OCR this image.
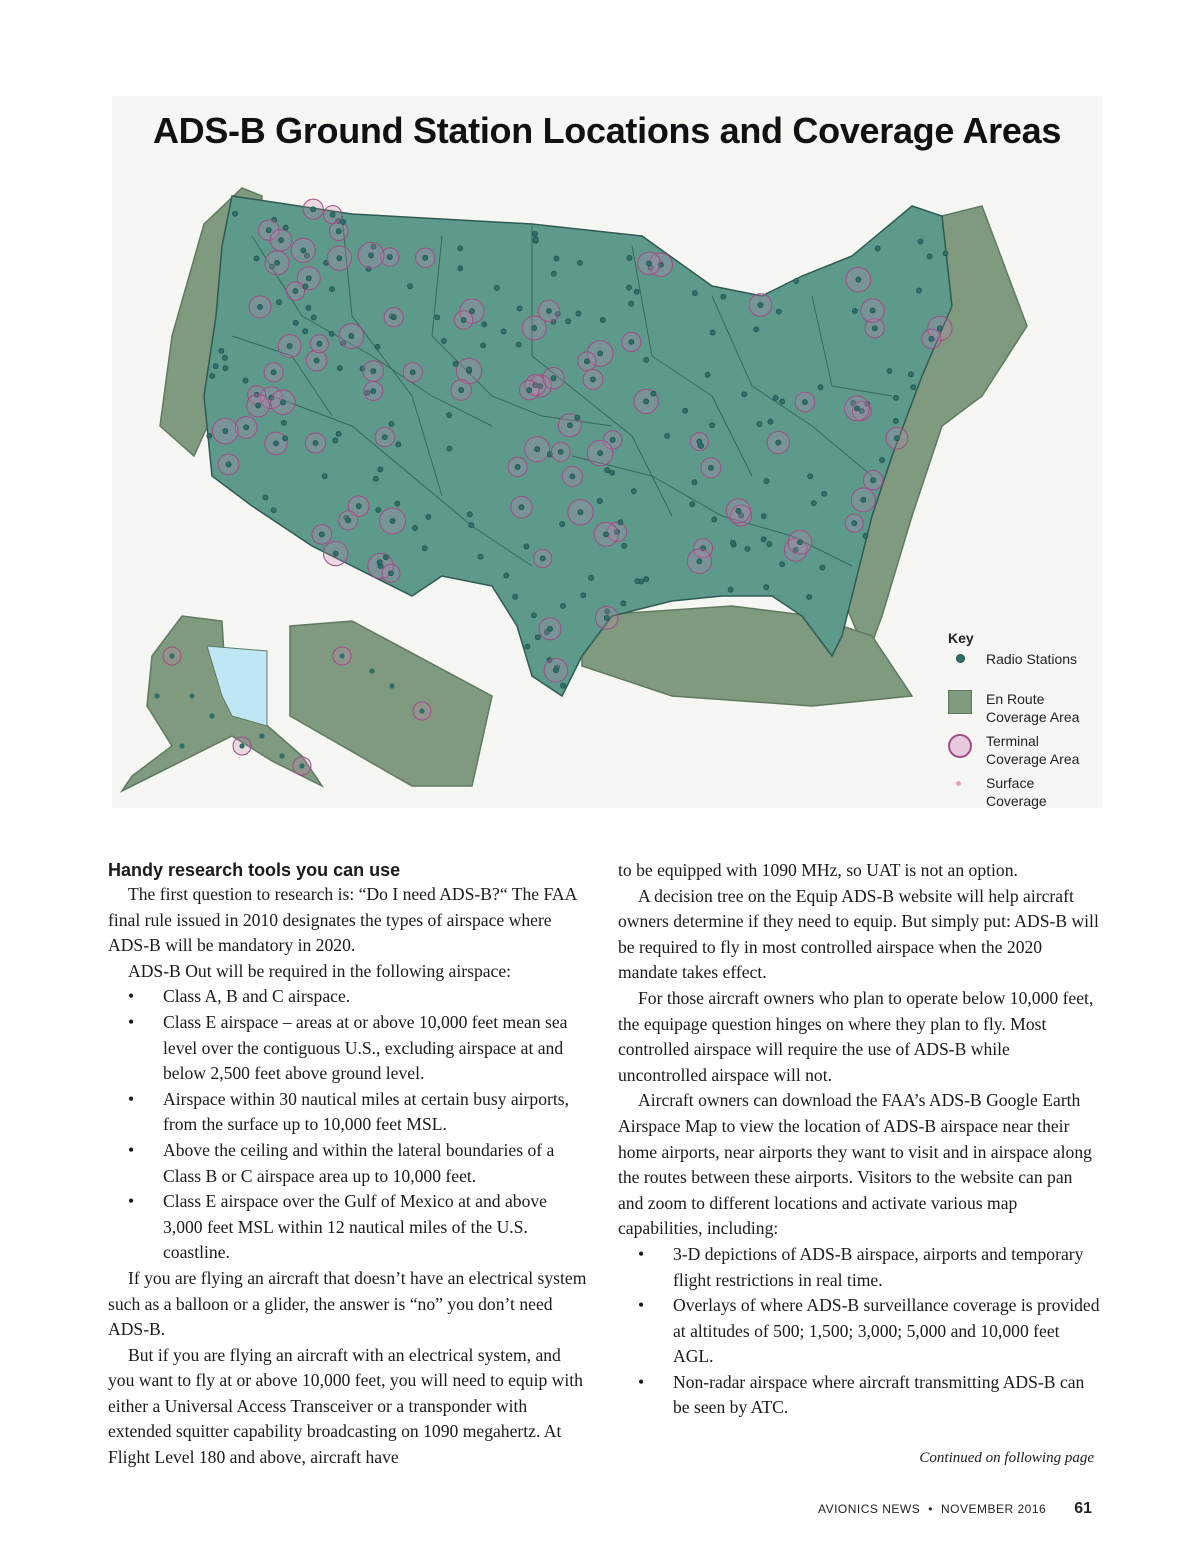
ADS-B Ground Station Locations and Coverage Areas
Key
Radio Stations
En Route Coverage Area
Terminal Coverage Area
Surface Coverage
Handy research tools you can use

The first question to research is: “Do I need ADS-B?“ The FAA final rule issued in 2010 designates the types of airspace where ADS-B will be mandatory in 2020.

ADS-B Out will be required in the following airspace:

• Class A, B and C airspace.
• Class E airspace – areas at or above 10,000 feet mean sea level over the contiguous U.S., excluding airspace at and below 2,500 feet above ground level.
• Airspace within 30 nautical miles at certain busy airports, from the surface up to 10,000 feet MSL.
• Above the ceiling and within the lateral boundaries of a Class B or C airspace area up to 10,000 feet.
• Class E airspace over the Gulf of Mexico at and above 3,000 feet MSL within 12 nautical miles of the U.S. coastline.

If you are flying an aircraft that doesn’t have an electrical system such as a balloon or a glider, the answer is “no” you don’t need ADS-B.

But if you are flying an aircraft with an electrical system, and you want to fly at or above 10,000 feet, you will need to equip with either a Universal Access Transceiver or a transponder with extended squitter capability broadcasting on 1090 megahertz. At Flight Level 180 and above, aircraft have

to be equipped with 1090 MHz, so UAT is not an option.

A decision tree on the Equip ADS-B website will help aircraft owners determine if they need to equip. But simply put: ADS-B will be required to fly in most controlled airspace when the 2020 mandate takes effect.

For those aircraft owners who plan to operate below 10,000 feet, the equipage question hinges on where they plan to fly. Most controlled airspace will require the use of ADS-B while uncontrolled airspace will not.

Aircraft owners can download the FAA’s ADS-B Google Earth Airspace Map to view the location of ADS-B airspace near their home airports, near airports they want to visit and in airspace along the routes between these airports. Visitors to the website can pan and zoom to different locations and activate various map capabilities, including:

• 3-D depictions of ADS-B airspace, airports and temporary flight restrictions in real time.
• Overlays of where ADS-B surveillance coverage is provided at altitudes of 500; 1,500; 3,000; 5,000 and 10,000 feet AGL.
• Non-radar airspace where aircraft transmitting ADS-B can be seen by ATC.
Continued on following page
AVIONICS NEWS • NOVEMBER 2016 61
